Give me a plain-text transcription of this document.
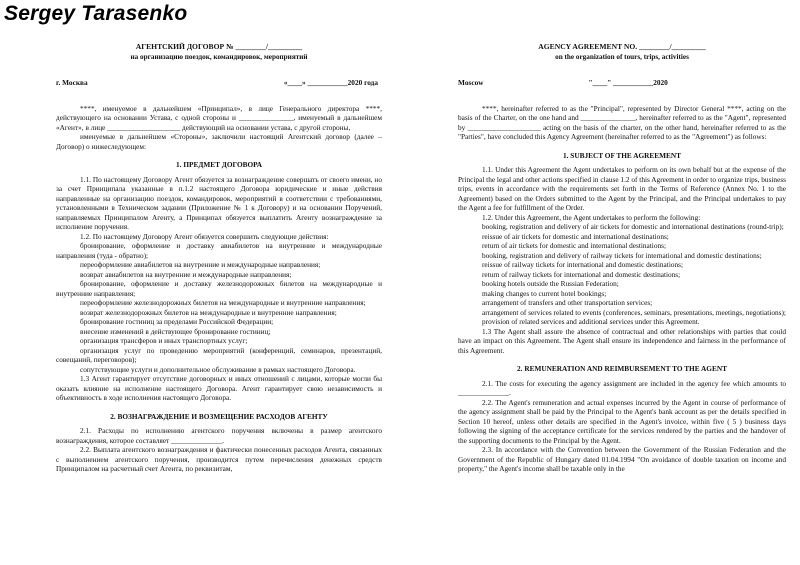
Sergey Tarasenko
АГЕНТСКИЙ ДОГОВОР № ________/_________
на организацию поездок, командировок, мероприятий
г. Москва	«____» ___________2020 года

****, именуемое в дальнейшем «Принципал», в лице Генерального директора ****, действующего на основании Устава, с одной стороны и _______________, именуемый в дальнейшем «Агент», в лице ____________________ действующий на основании устава, с другой стороны,

именуемые в дальнейшем «Стороны», заключили настоящий Агентский договор (далее – Договор) о нижеследующем:

1. ПРЕДМЕТ ДОГОВОРА

1.1. По настоящему Договору Агент обязуется за вознаграждение совершать от своего имени, но за счет Принципала указанные в п.1.2 настоящего Договора юридические и иные действия направленные на организацию поездок, командировок, мероприятий в соответствии с требованиями, установленными в Техническом задании (Приложение № 1 к Договору) и на основании Поручений, направляемых Принципалом Агенту, а Принципал обязуется выплатить Агенту вознаграждение за исполнение поручения.

1.2. По настоящему Договору Агент обязуется совершить следующие действия:

бронирование, оформление и доставку авиабилетов на внутренние и международные направления (туда - обратно);

переоформление авиабилетов на внутренние и международные направления;

возврат авиабилетов на внутренние и международные направления;

бронирование, оформление и доставку железнодорожных билетов на международные и внутренние направления;

переоформление железнодорожных билетов на международные и внутренние направления;

возврат железнодорожных билетов на международные и внутренние направления;

бронирование гостиниц за пределами Российской Федерации;

внесение изменений в действующее бронирование гостиниц;

организация трансферов и иных транспортных услуг;

организация услуг по проведению мероприятий (конференций, семинаров, презентаций, совещаний, переговоров);

сопутствующие услуги и дополнительное обслуживание в рамках настоящего Договора.

1.3 Агент гарантирует отсутствие договорных и иных отношений с лицами, которые могли бы оказать влияние на исполнение настоящего Договора. Агент гарантирует свою независимость и объективность в ходе исполнения настоящего Договора.

2. ВОЗНАГРАЖДЕНИЕ И ВОЗМЕЩЕНИЕ РАСХОДОВ АГЕНТУ

2.1. Расходы по исполнению агентского поручения включены в размер агентского вознаграждения, которое составляет ______________.

2.2. Выплата агентского вознаграждения и фактически понесенных расходов Агента, связанных с выполнением агентского поручения, производится путем перечисления денежных средств Принципалом на расчетный счет Агента, по реквизитам,

AGENCY AGREEMENT NO. ________/_________
on the organization of tours, trips, activities
Moscow	"____" ___________2020

****, hereinafter referred to as the "Principal", represented by Director General ****, acting on the basis of the Charter, on the one hand and _______________, hereinafter referred to as the "Agent", represented by ____________________ acting on the basis of the charter, on the other hand, hereinafter referred to as the "Parties", have concluded this Agency Agreement (hereinafter referred to as the "Agreement") as follows:

1. SUBJECT OF THE AGREEMENT

1.1. Under this Agreement the Agent undertakes to perform on its own behalf but at the expense of the Principal the legal and other actions specified in clause 1.2 of this Agreement in order to organize trips, business trips, events in accordance with the requirements set forth in the Terms of Reference (Annex No. 1 to the Agreement) based on the Orders submitted to the Agent by the Principal, and the Principal undertakes to pay the Agent a fee for fulfillment of the Order.

1.2. Under this Agreement, the Agent undertakes to perform the following:

booking, registration and delivery of air tickets for domestic and international destinations (round-trip);

reissue of air tickets for domestic and international destinations;

return of air tickets for domestic and international destinations;

booking, registration and delivery of railway tickets for international and domestic destinations;

reissue of railway tickets for international and domestic destinations;

return of railway tickets for international and domestic destinations;

booking hotels outside the Russian Federation;

making changes to current hotel bookings;

arrangement of transfers and other transportation services;

arrangement of services related to events (conferences, seminars, presentations, meetings, negotiations);

provision of related services and additional services under this Agreement.

1.3 The Agent shall assure the absence of contractual and other relationships with parties that could have an impact on this Agreement. The Agent shall ensure its independence and fairness in the performance of this Agreement.

2. REMUNERATION AND REIMBURSEMENT TO THE AGENT

2.1. The costs for executing the agency assignment are included in the agency fee which amounts to ______________.

2.2. The Agent's remuneration and actual expenses incurred by the Agent in course of performance of the agency assignment shall be paid by the Principal to the Agent's bank account as per the details specified in Section 10 hereof, unless other details are specified in the Agent's invoice, within five ( 5 ) business days following the signing of the acceptance certificate for the services rendered by the parties and the handover of the supporting documents to the Principal by the Agent.

2.3. In accordance with the Convention between the Government of the Russian Federation and the Government of the Republic of Hungary dated 01.04.1994 "On avoidance of double taxation on income and property," the Agent's income shall be taxable only in the
